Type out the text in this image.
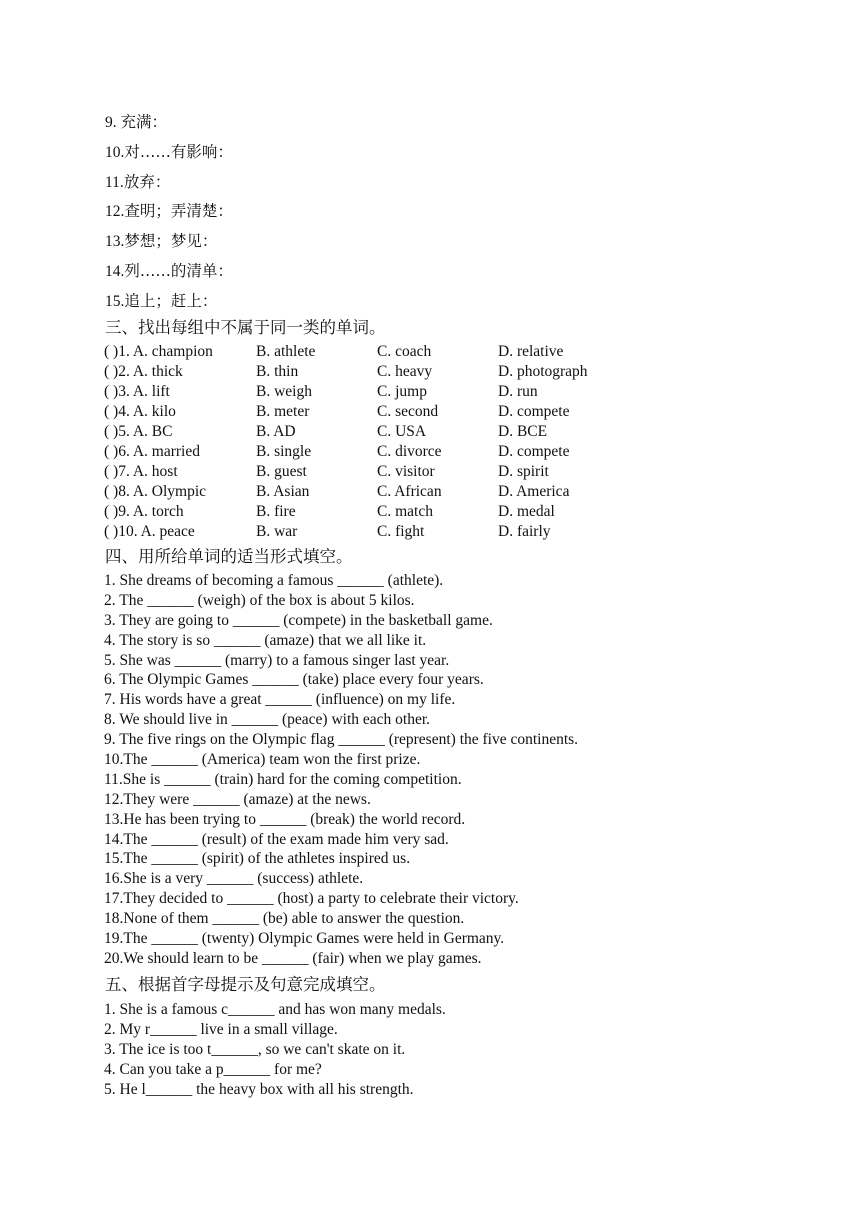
9. 充满：
10.对……有影响：
11.放弃：
12.查明；弄清楚：
13.梦想；梦见：
14.列……的清单：
15.追上；赶上：
三、找出每组中不属于同一类的单词。
( )1. A. champion	B. athlete	C. coach	D. relative
( )2. A. thick	B. thin	C. heavy	D. photograph
( )3. A. lift	B. weigh	C. jump	D. run
( )4. A. kilo	B. meter	C. second	D. compete
( )5. A. BC	B. AD	C. USA	D. BCE
( )6. A. married	B. single	C. divorce	D. compete
( )7. A. host	B. guest	C. visitor	D. spirit
( )8. A. Olympic	B. Asian	C. African	D. America
( )9. A. torch	B. fire	C. match	D. medal
( )10. A. peace	B. war	C. fight	D. fairly
四、用所给单词的适当形式填空。
1. She dreams of becoming a famous ______ (athlete).
2. The ______ (weigh) of the box is about 5 kilos.
3. They are going to ______ (compete) in the basketball game.
4. The story is so ______ (amaze) that we all like it.
5. She was ______ (marry) to a famous singer last year.
6. The Olympic Games ______ (take) place every four years.
7. His words have a great ______ (influence) on my life.
8. We should live in ______ (peace) with each other.
9. The five rings on the Olympic flag ______ (represent) the five continents.
10.The ______ (America) team won the first prize.
11.She is ______ (train) hard for the coming competition.
12.They were ______ (amaze) at the news.
13.He has been trying to ______ (break) the world record.
14.The ______ (result) of the exam made him very sad.
15.The ______ (spirit) of the athletes inspired us.
16.She is a very ______ (success) athlete.
17.They decided to ______ (host) a party to celebrate their victory.
18.None of them ______ (be) able to answer the question.
19.The ______ (twenty) Olympic Games were held in Germany.
20.We should learn to be ______ (fair) when we play games.
五、根据首字母提示及句意完成填空。
1. She is a famous c______ and has won many medals.
2. My r______ live in a small village.
3. The ice is too t______, so we can't skate on it.
4. Can you take a p______ for me?
5. He l______ the heavy box with all his strength.
